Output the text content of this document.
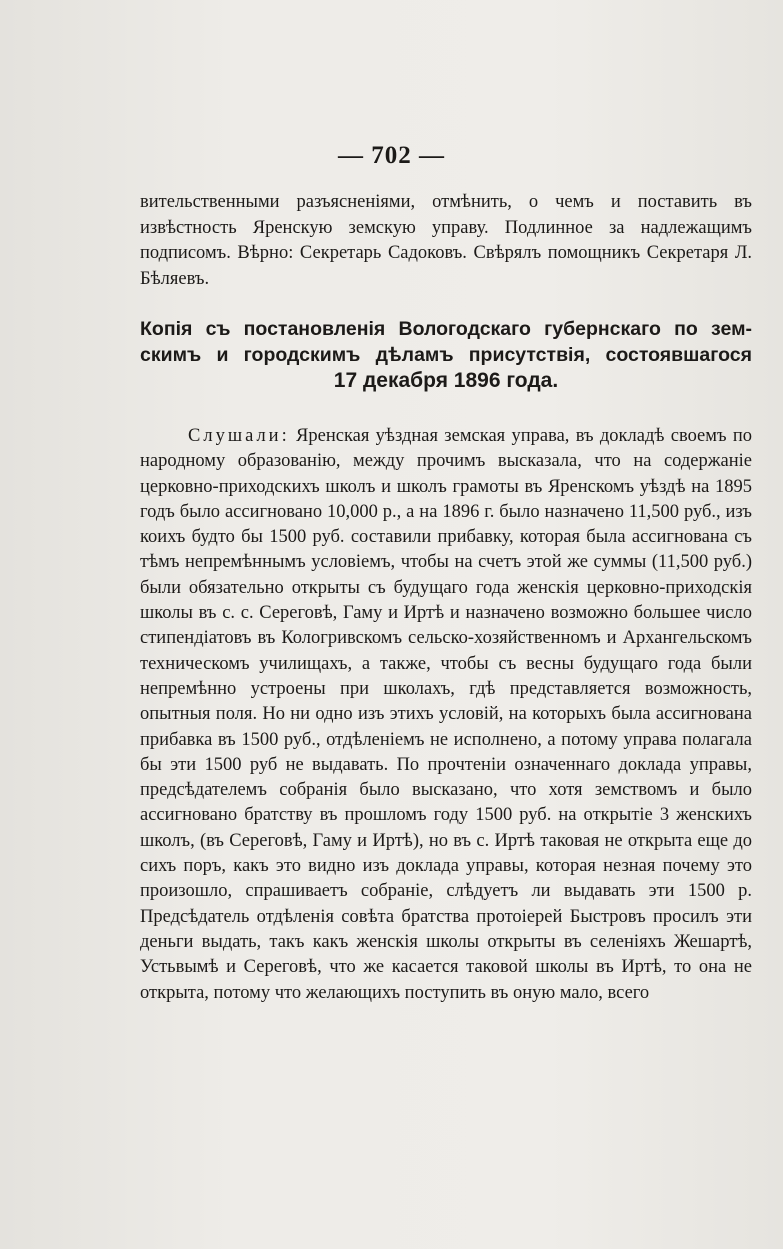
— 702 —

вительственными разъясненіями, отмѣнить, о чемъ и поставить въ извѣстность Яренскую земскую управу. Подлинное за надлежащимъ подписомъ. Вѣрно: Секретарь Садоковъ. Свѣрялъ помощникъ Секретаря Л. Бѣляевъ.

Копія съ постановленія Вологодскаго губернскаго по зем-
скимъ и городскимъ дѣламъ присутствія, состоявшагося
17 декабря 1896 года.

Слушали: Яренская уѣздная земская управа, въ докладѣ своемъ по народному образованію, между прочимъ высказала, что на содержаніе церковно-приходскихъ школъ и школъ грамоты въ Яренскомъ уѣздѣ на 1895 годъ было ассигновано 10,000 р., а на 1896 г. было назначено 11,500 руб., изъ коихъ будто бы 1500 руб. составили прибавку, которая была ассигнована съ тѣмъ непремѣннымъ условіемъ, чтобы на счетъ этой же суммы (11,500 руб.) были обязательно открыты съ будущаго года женскія церковно-приходскія школы въ с. с. Сереговѣ, Гаму и Иртѣ и назначено возможно большее число стипендіатовъ въ Кологривскомъ сельско-хозяйственномъ и Архангельскомъ техническомъ училищахъ, а также, чтобы съ весны будущаго года были непремѣнно устроены при школахъ, гдѣ представляется возможность, опытныя поля. Но ни одно изъ этихъ условій, на которыхъ была ассигнована прибавка въ 1500 руб., отдѣленіемъ не исполнено, а потому управа полагала бы эти 1500 руб не выдавать. По прочтеніи означеннаго доклада управы, предсѣдателемъ собранія было высказано, что хотя земствомъ и было ассигновано братству въ прошломъ году 1500 руб. на открытіе 3 женскихъ школъ, (въ Сереговѣ, Гаму и Иртѣ), но въ с. Иртѣ таковая не открыта еще до сихъ поръ, какъ это видно изъ доклада управы, которая незная почему это произошло, спрашиваетъ собраніе, слѣдуетъ ли выдавать эти 1500 р. Предсѣдатель отдѣленія совѣта братства протоіерей Быстровъ просилъ эти деньги выдать, такъ какъ женскія школы открыты въ селеніяхъ Жешартѣ, Устьвымѣ и Сереговѣ, что же касается таковой школы въ Иртѣ, то она не открыта, потому что желающихъ поступить въ оную мало, всего
